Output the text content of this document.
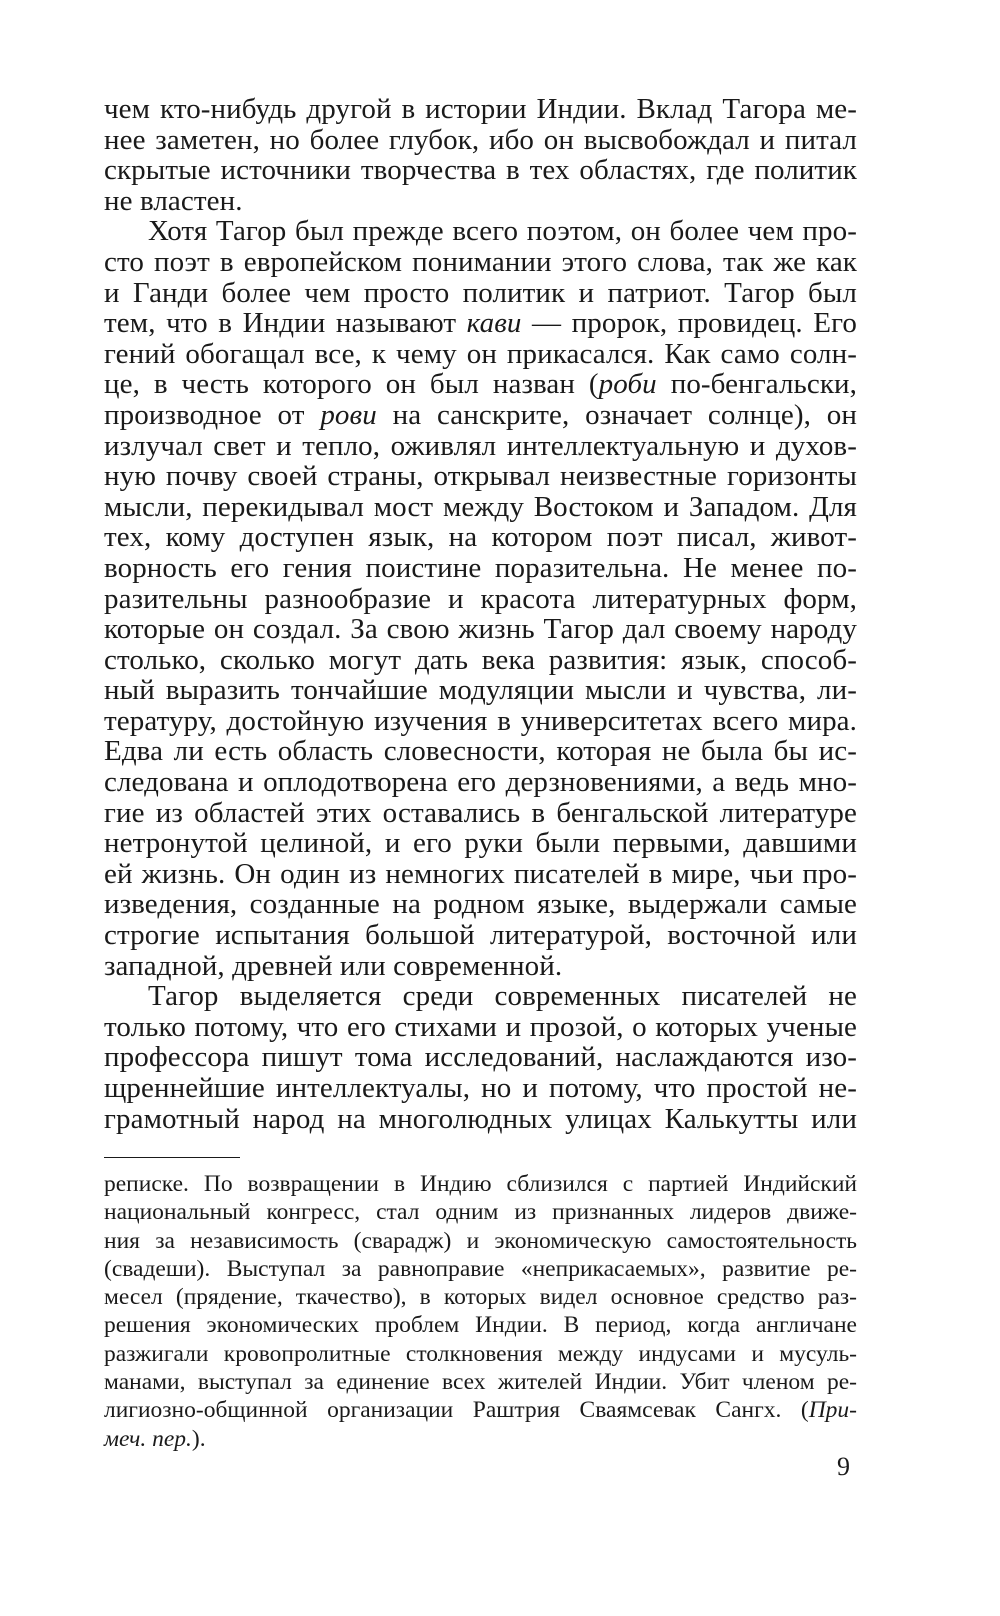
чем кто-нибудь другой в истории Индии. Вклад Тагора ме-
нее заметен, но более глубок, ибо он высвобождал и питал
скрытые источники творчества в тех областях, где политик
не властен.
Хотя Тагор был прежде всего поэтом, он более чем про-
сто поэт в европейском понимании этого слова, так же как
и Ганди более чем просто политик и патриот. Тагор был
тем, что в Индии называют кави — пророк, провидец. Его
гений обогащал все, к чему он прикасался. Как само солн-
це, в честь которого он был назван (роби по-бенгальски,
производное от рови на санскрите, означает солнце), он
излучал свет и тепло, оживлял интеллектуальную и духов-
ную почву своей страны, открывал неизвестные горизонты
мысли, перекидывал мост между Востоком и Западом. Для
тех, кому доступен язык, на котором поэт писал, живот-
ворность его гения поистине поразительна. Не менее по-
разительны разнообразие и красота литературных форм,
которые он создал. За свою жизнь Тагор дал своему народу
столько, сколько могут дать века развития: язык, способ-
ный выразить тончайшие модуляции мысли и чувства, ли-
тературу, достойную изучения в университетах всего мира.
Едва ли есть область словесности, которая не была бы ис-
следована и оплодотворена его дерзновениями, а ведь мно-
гие из областей этих оставались в бенгальской литературе
нетронутой целиной, и его руки были первыми, давшими
ей жизнь. Он один из немногих писателей в мире, чьи про-
изведения, созданные на родном языке, выдержали самые
строгие испытания большой литературой, восточной или
западной, древней или современной.
Тагор выделяется среди современных писателей не
только потому, что его стихами и прозой, о которых ученые
профессора пишут тома исследований, наслаждаются изо-
щреннейшие интеллектуалы, но и потому, что простой не-
грамотный народ на многолюдных улицах Калькутты или
реписке. По возвращении в Индию сблизился с партией Индийский
национальный конгресс, стал одним из признанных лидеров движе-
ния за независимость (сварадж) и экономическую самостоятельность
(свадеши). Выступал за равноправие «неприкасаемых», развитие ре-
месел (прядение, ткачество), в которых видел основное средство раз-
решения экономических проблем Индии. В период, когда англичане
разжигали кровопролитные столкновения между индусами и мусуль-
манами, выступал за единение всех жителей Индии. Убит членом ре-
лигиозно-общинной организации Раштрия Сваямсевак Сангх. (При-
меч. пер.).
9
